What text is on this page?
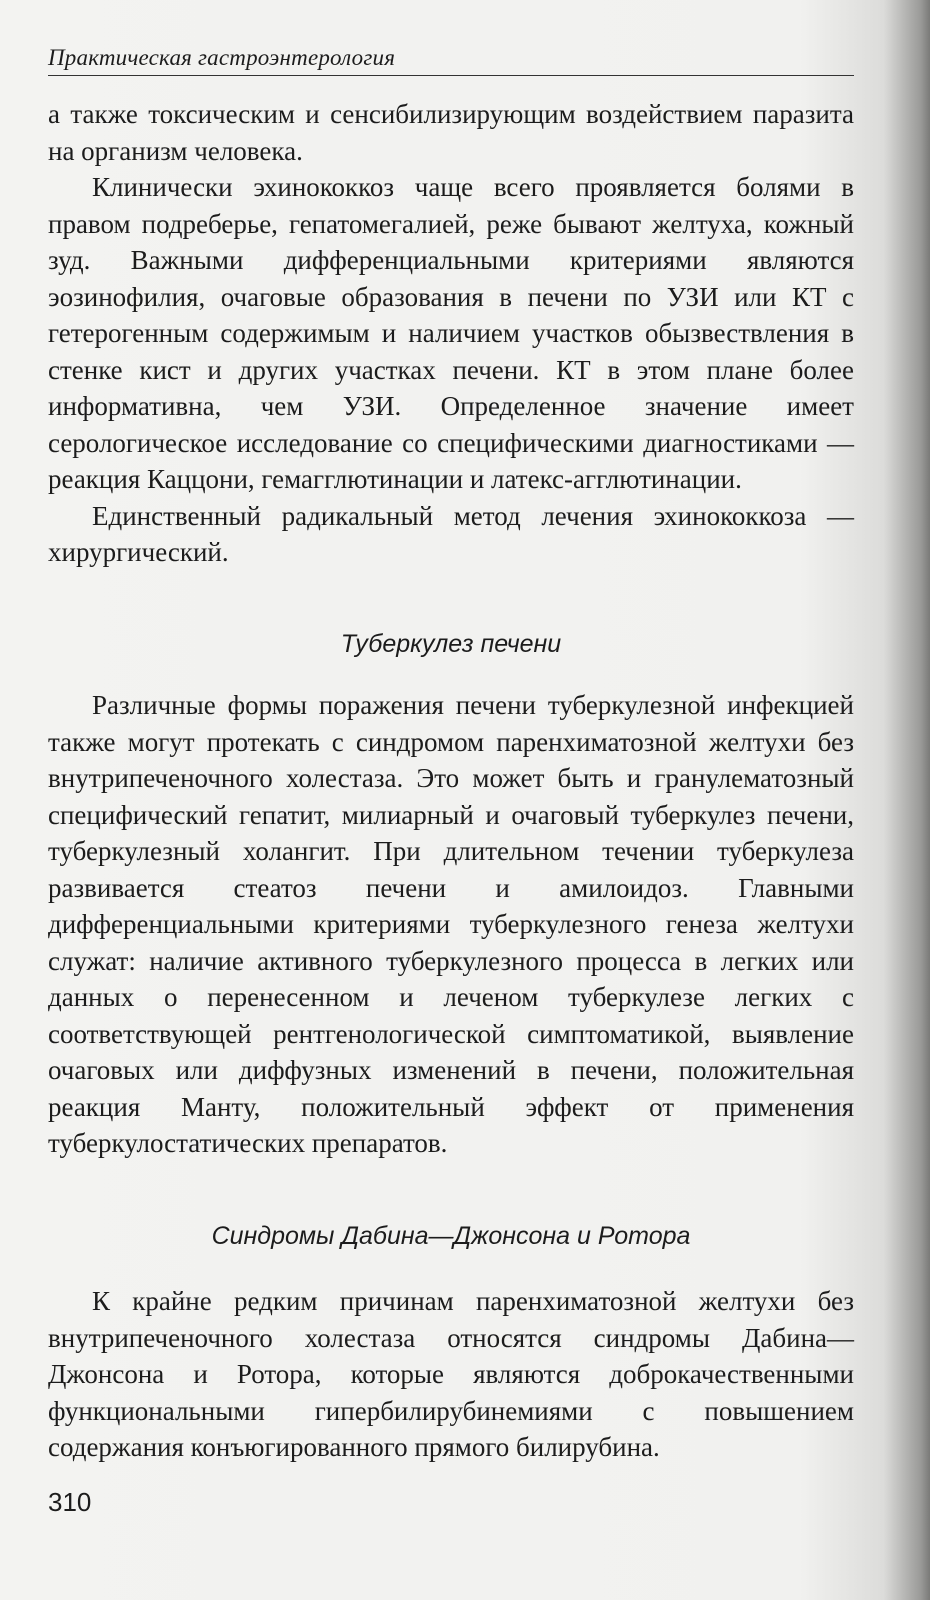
Практическая гастроэнтерология

а также токсическим и сенсибилизирующим воздействием паразита на организм человека.

Клинически эхинококкоз чаще всего проявляется болями в правом подреберье, гепатомегалией, реже бывают желтуха, кожный зуд. Важными дифференциальными критериями являются эозинофилия, очаговые образования в печени по УЗИ или КТ с гетерогенным содержимым и наличием участков обызвествления в стенке кист и других участках печени. КТ в этом плане более информативна, чем УЗИ. Определенное значение имеет серологическое исследование со специфическими диагностиками — реакция Каццони, гемагглютинации и латекс-агглютинации.

Единственный радикальный метод лечения эхинококкоза — хирургический.

Туберкулез печени

Различные формы поражения печени туберкулезной инфекцией также могут протекать с синдромом паренхиматозной желтухи без внутрипеченочного холестаза. Это может быть и гранулематозный специфический гепатит, милиарный и очаговый туберкулез печени, туберкулезный холангит. При длительном течении туберкулеза развивается стеатоз печени и амилоидоз. Главными дифференциальными критериями туберкулезного генеза желтухи служат: наличие активного туберкулезного процесса в легких или данных о перенесенном и леченом туберкулезе легких с соответствующей рентгенологической симптоматикой, выявление очаговых или диффузных изменений в печени, положительная реакция Манту, положительный эффект от применения туберкулостатических препаратов.

Синдромы Дабина—Джонсона и Ротора

К крайне редким причинам паренхиматозной желтухи без внутрипеченочного холестаза относятся синдромы Дабина—Джонсона и Ротора, которые являются доброкачественными функциональными гипербилирубинемиями с повышением содержания конъюгированного прямого билирубина.

310
